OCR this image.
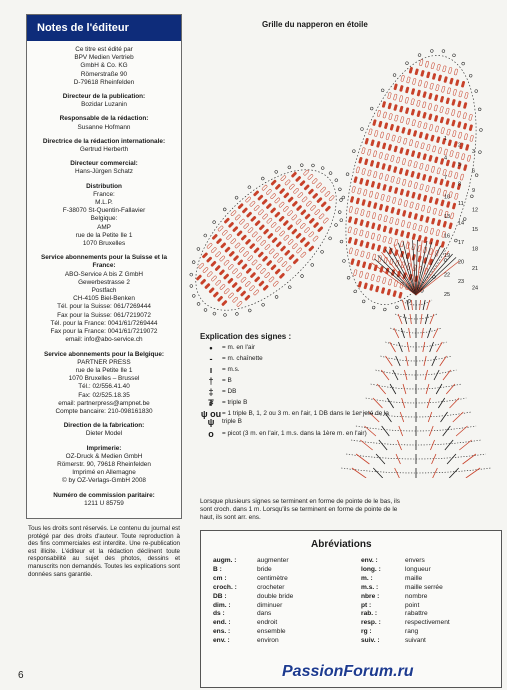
Notes de l'éditeur
Ce titre est édité par
BPV Medien Vertrieb
GmbH & Co. KG
Römerstraße 90
D-79618 Rheinfelden
Directeur de la publication:
Bozidar Luzanin
Responsable de la rédaction:
Susanne Hofmann
Directrice de la rédaction internationale:
Gertrud Herberth
Directeur commercial:
Hans-Jürgen Schatz
Distribution
France:
M.L.P.
F-38070 St-Quentin-Fallavier
Belgique:
AMP
rue de la Petite Ile 1
1070 Bruxelles
Service abonnements pour la Suisse et la France:
ABO-Service A bis Z GmbH
Gewerbestrasse 2
Postfach
CH-4105 Biel-Benken
Tél. pour la Suisse: 061/7269444
Fax pour la Suisse: 061/7219072
Tél. pour la France: 0041/61/7269444
Fax pour la France: 0041/61/7219072
email: info@abo-service.ch
Service abonnements pour la Belgique:
PARTNER PRESS
rue de la Petite Ile 1
1070 Bruxelles – Brussel
Tél.: 02/556.41.40
Fax: 02/525.18.35
email: partnerpress@ampnet.be
Compte bancaire: 210-098161830
Direction de la fabrication:
Dieter Model
Imprimerie:
OZ-Druck & Medien GmbH
Römerstr. 90, 79618 Rheinfelden
Imprimé en Allemagne
© by OZ-Verlags-GmbH 2008
Numéro de commission paritaire:
1211 U 85759
Tous les droits sont réservés. Le contenu du journal est protégé par des droits d'auteur. Toute reproduction à des fins commerciales est interdite. Une re-publication est illicite. L'éditeur et la rédaction déclinent toute responsabilité au sujet des photos, dessins et manuscrits non demandés. Toutes les explications sont données sans garantie.
6
Grille du napperon en étoile
1
2
3
4
5
6
7
8
9
10
11
12
13
14
15
16
17
18
19
20
21
22
23
24
25
Explication des signes :
•	= m. en l'air
-	= m. chaînette
ı	= m.s.
†	= B
‡	= DB
₮	= triple B
ψ ou ψ
= 1 triple B, 1, 2 ou 3 m. en l'air, 1 DB dans le 1er jeté de la triple B
ο	= picot (3 m. en l'air, 1 m.s. dans la 1ère m. en l'air)
Lorsque plusieurs signes se terminent en forme de pointe de le bas, ils sont croch. dans 1 m. Lorsqu'ils se terminent en forme de pointe de le haut, ils sont arr. ens.
Abréviations
augm. :	augmenter
B :	bride
cm :	centimètre
croch. :	crocheter
DB :	double bride
dim. :	diminuer
ds :	dans
end. :	endroit
ens. :	ensemble
env. :	environ
env. :	envers
long. :	longueur
m. :	maille
m.s. :	maille serrée
nbre :	nombre
pt :	point
rab. :	rabattre
resp. :	respectivement
rg :	rang
suiv. :	suivant
PassionForum.ru
